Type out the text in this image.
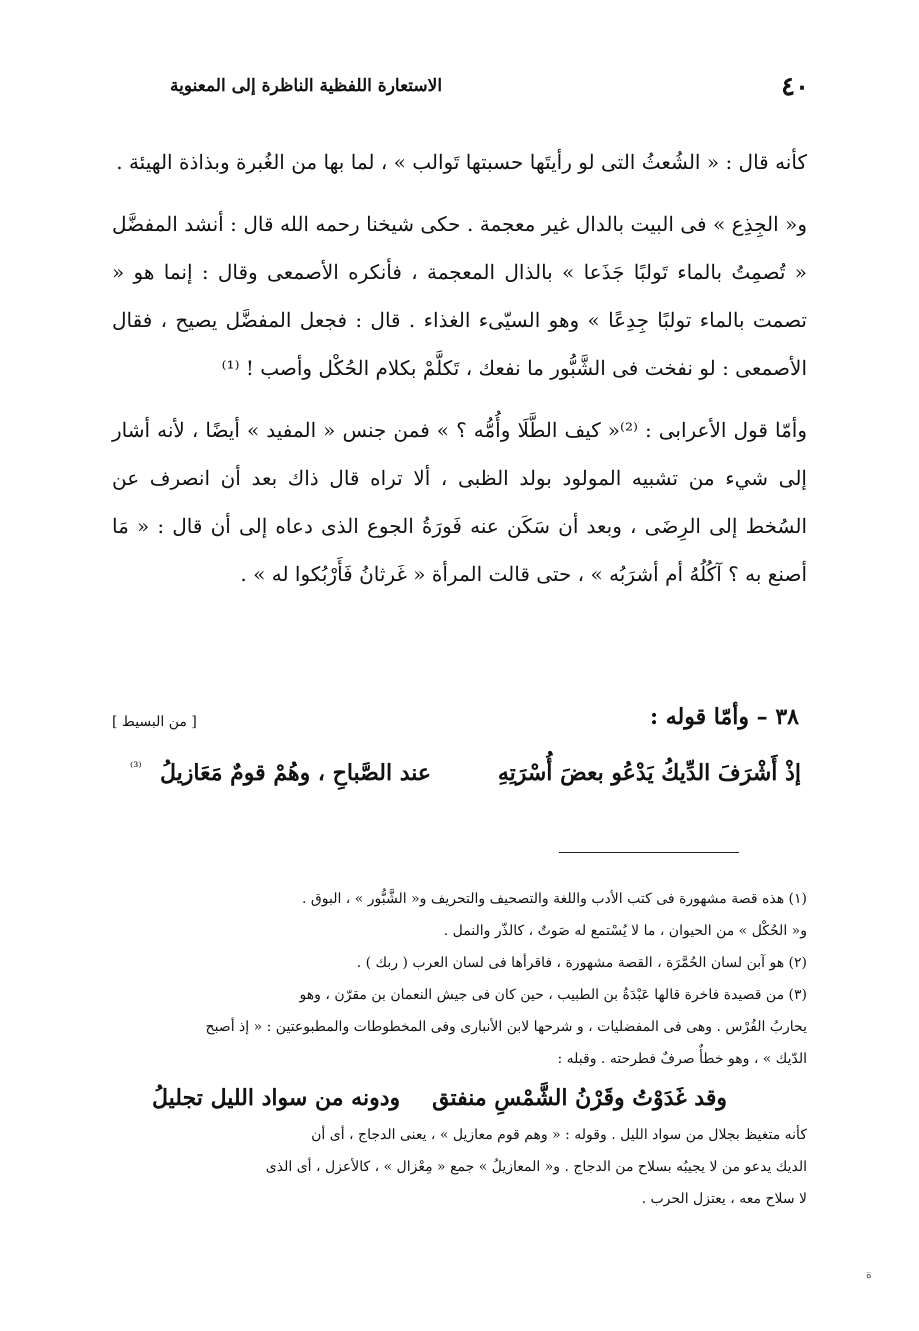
٤٠
الاستعارة اللفظية الناظرة إلى المعنوية

كأنه قال : « الشُعثُ التى لو رأيتَها حسبتها تَوالب » ، لما بها من الغُبرة وبذاذة الهيئة .

و« الجِذِع » فى البيت بالدال غير معجمة . حكى شيخنا رحمه الله قال : أنشد المفضَّل « تُصمِتُ بالماء تَولبًا جَذَعا » بالذال المعجمة ، فأنكره الأصمعى وقال : إنما هو « تصمت بالماء تولبًا جِدِعًا » وهو السيّىء الغذاء . قال : فجعل المفضَّل يصيح ، فقال الأصمعى : لو نفخت فى الشَّبُّور ما نفعك ، تَكلَّمْ بكلام الحُكْل وأصب ! ⁽¹⁾

وأمّا قول الأعرابى : ⁽²⁾« كيف الطَّلَا وأُمُّه ؟ » فمن جنس « المفيد » أيضًا ، لأنه أشار إلى شيء من تشبيه المولود بولد الظبى ، ألا تراه قال ذاك بعد أن انصرف عن السُخط إلى الرِضَى ، وبعد أن سَكَن عنه فَورَةُ الجوع الذى دعاه إلى أن قال : « مَا أصنع به ؟ آكُلُهُ أم أشرَبُه » ، حتى قالت المرأة « غَرثانُ فَأَرْبُكوا له » .

٣٨ – وأمّا قوله :
[ من البسيط ]
إذْ أَشْرَفَ الدِّيكُ يَدْعُو بعضَ أُسْرَتِهِ
عند الصَّباحِ ، وهُمْ قومٌ مَعَازيلُ
⁽³⁾

(١) هذه قصة مشهورة فى كتب الأدب واللغة والتصحيف والتحريف و« الشَّبُّور » ، البوق .

و« الحُكْل » من الحيوان ، ما لا يُسْتمع له صَوتٌ ، كالذّر والنمل .

(٢) هو آبن لسان الحُمَّرَة ، القصة مشهورة ، فاقرأها فى لسان العرب ( ربك ) .

(٣) من قصيدة فاخرة قالها عَبْدَةُ بن الطبيب ، حين كان فى جيش النعمان بن مقرّن ، وهو

يحاربُ الفُرْس . وهى فى المفضليات ، و شرحها لابن الأنبارى وفى المخطوطات والمطبوعتين : « إذ أصبح

الدّيك » ، وهو خطأٌ صرفٌ فطرحته . وقبله :

وقد غَدَوْتُ وقَرْنُ الشَّمْسِ منفتق
ودونه من سواد الليل تجليلُ

كأنه متغيظ بجلال من سواد الليل . وقوله : « وهم قوم معازيل » ، يعنى الدجاج ، أى أن

الديك يدعو من لا يجيبُه بسلاح من الدجاج . و« المعازيلُ » جمع « مِعْزال » ، كالأعزل ، أى الذى

لا سلاح معه ، يعتزل الحرب .

ة
